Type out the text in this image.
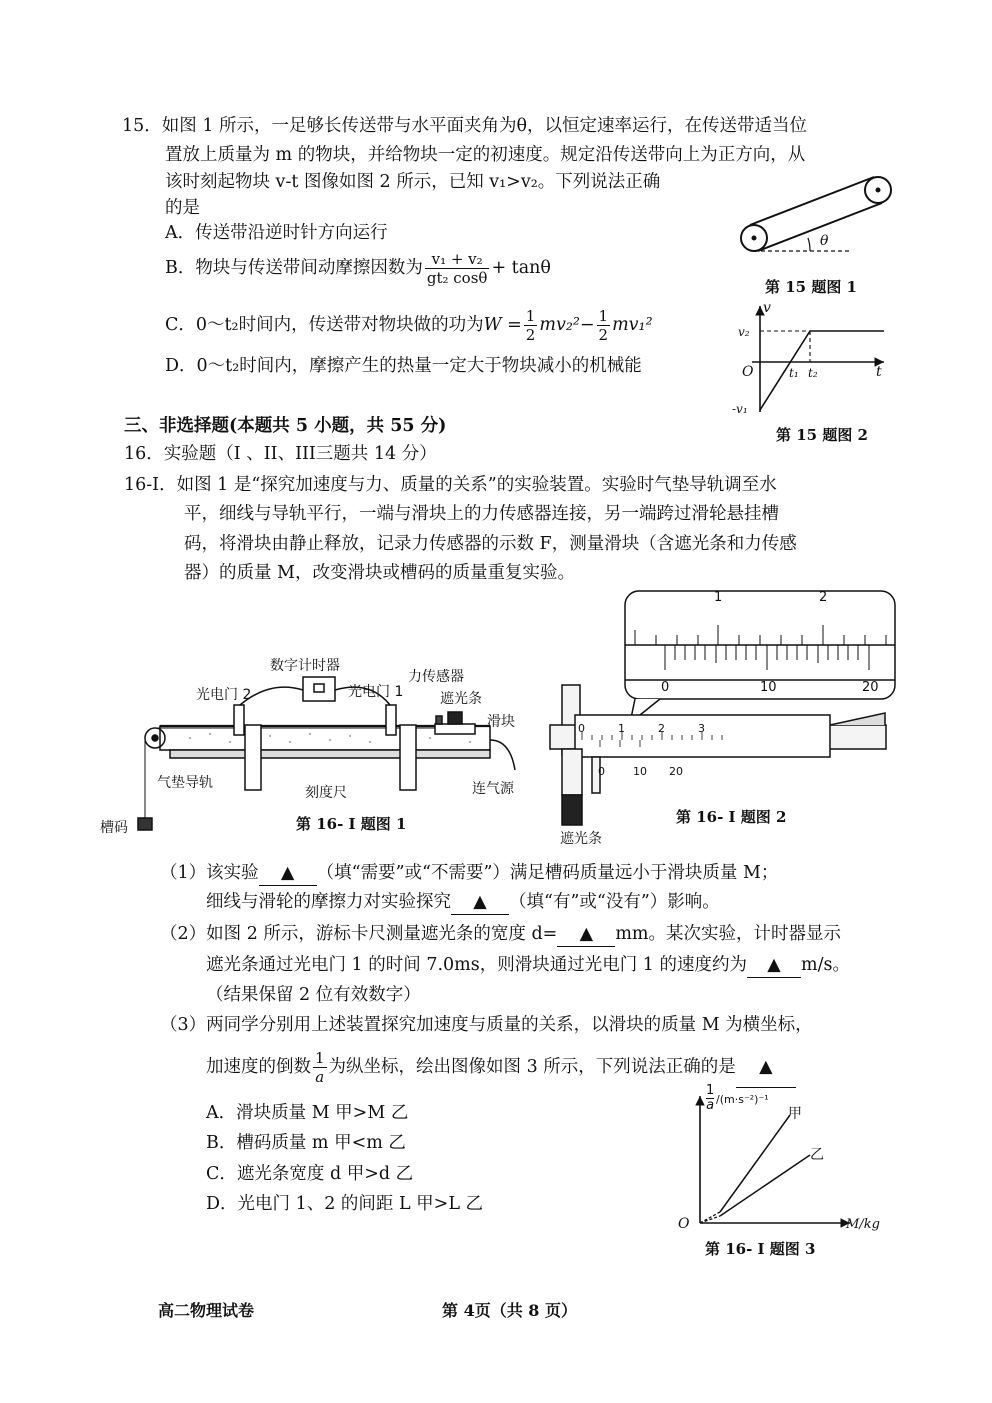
15．如图 1 所示，一足够长传送带与水平面夹角为θ，以恒定速率运行，在传送带适当位
置放上质量为 m 的物块，并给物块一定的初速度。规定沿传送带向上为正方向，从
该时刻起物块 v-t 图像如图 2 所示，已知 v₁>v₂。下列说法正确
的是
A．传送带沿逆时针方向运行
B．物块与传送带间动摩擦因数为 $\frac{\text{v₁ + v₂}}{\text{gt₂ cosθ}} + \tan\theta$
C．0～t₂时间内，传送带对物块做的功为$W = \frac{1}{2} mv_2^2- \frac{1}{2} mv_1^2$
D．0～t₂时间内，摩擦产生的热量一定大于物块减小的机械能
θ
第 15 题图 1
v
v₂
O	t₁ t₂	t
-v₁
第 15 题图 2
三、非选择题(本题共 5 小题，共 55 分)
16．实验题（I 、II、III三题共 14 分）
16-I．如图 1 是“探究加速度与力、质量的关系”的实验装置。实验时气垫导轨调至水
平，细线与导轨平行，一端与滑块上的力传感器连接，另一端跨过滑轮悬挂槽
码，将滑块由静止释放，记录力传感器的示数 F，测量滑块（含遮光条和力传感
器）的质量 M，改变滑块或槽码的质量重复实验。
数字计时器
光电门 2	光电门 1
力传感器
遮光条
滑块
气垫导轨
刻度尺	连气源
槽码	第 16- I 题图 1
1	2
0	10	20
0	1	2	3
0	10 20
遮光条
第 16- I 题图 2
（1）该实验 ▲ （填“需要”或“不需要”）满足槽码质量远小于滑块质量 M；
细线与滑轮的摩擦力对实验探究 ▲ （填“有”或“没有”）影响。
（2）如图 2 所示，游标卡尺测量遮光条的宽度 d= ▲ mm。某次实验，计时器显示
遮光条通过光电门 1 的时间 7.0ms，则滑块通过光电门 1 的速度约为 ▲ m/s。
（结果保留 2 位有效数字）
（3）两同学分别用上述装置探究加速度与质量的关系，以滑块的质量 M 为横坐标，
加速度的倒数 $\frac{1}{a}$ 为纵坐标，绘出图像如图 3 所示，下列说法正确的是 ▲
A．滑块质量 M 甲>M 乙
B．槽码质量 m 甲<m 乙
C．遮光条宽度 d 甲>d 乙
D．光电门 1、2 的间距 L 甲>L 乙
$\frac{1}{a} /(m\cdot s^{-2})^{-1}$
甲
乙
O	M/kg
第 16- I 题图 3
高二物理试卷	第 4页（共 8 页）
